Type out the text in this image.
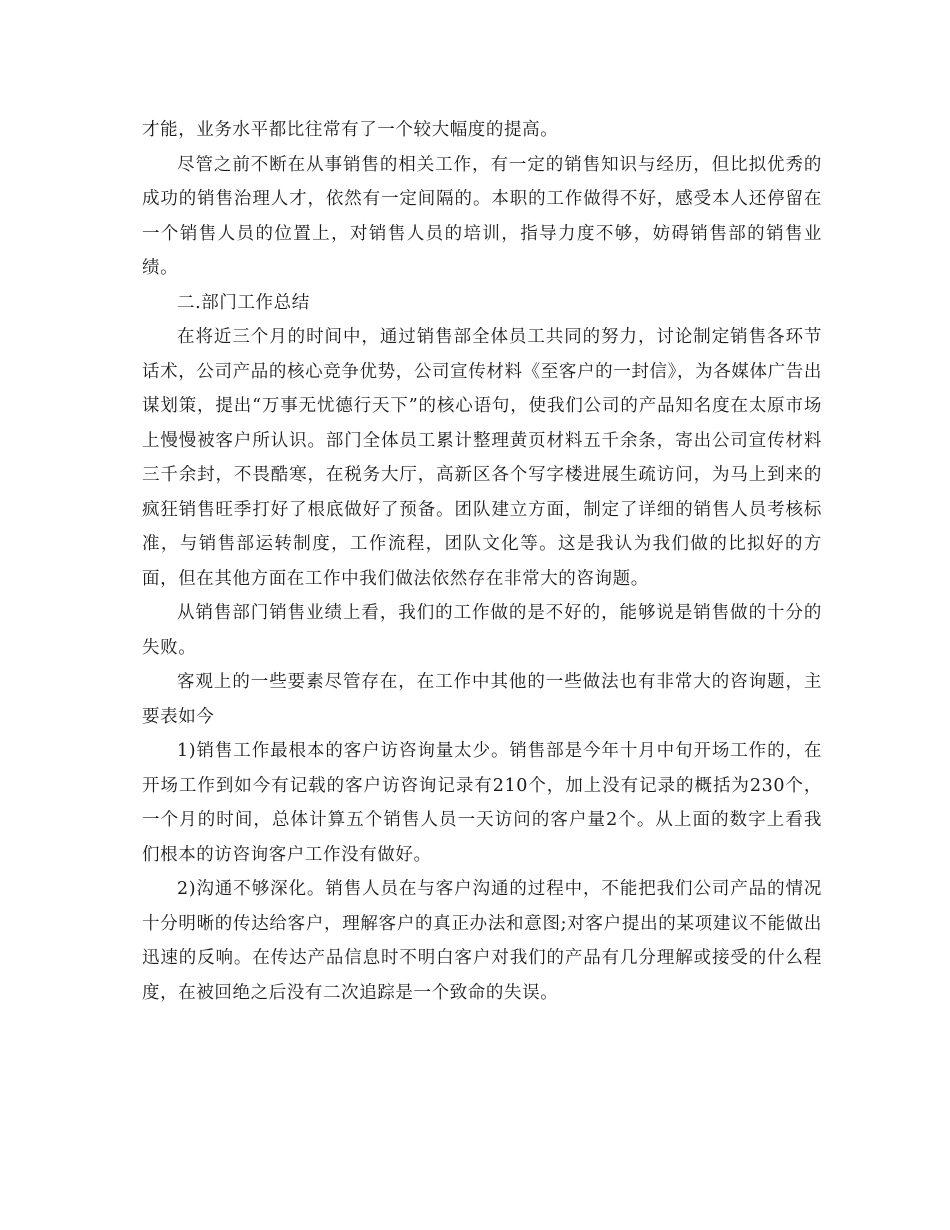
才能，业务水平都比往常有了一个较大幅度的提高。

尽管之前不断在从事销售的相关工作，有一定的销售知识与经历，但比拟优秀的成功的销售治理人才，依然有一定间隔的。本职的工作做得不好，感受本人还停留在一个销售人员的位置上，对销售人员的培训，指导力度不够，妨碍销售部的销售业绩。

二.部门工作总结

在将近三个月的时间中，通过销售部全体员工共同的努力，讨论制定销售各环节话术，公司产品的核心竞争优势，公司宣传材料《至客户的一封信》，为各媒体广告出谋划策，提出“万事无忧德行天下”的核心语句，使我们公司的产品知名度在太原市场上慢慢被客户所认识。部门全体员工累计整理黄页材料五千余条，寄出公司宣传材料三千余封，不畏酷寒，在税务大厅，高新区各个写字楼进展生疏访问，为马上到来的疯狂销售旺季打好了根底做好了预备。团队建立方面，制定了详细的销售人员考核标准，与销售部运转制度，工作流程，团队文化等。这是我认为我们做的比拟好的方面，但在其他方面在工作中我们做法依然存在非常大的咨询题。

从销售部门销售业绩上看，我们的工作做的是不好的，能够说是销售做的十分的失败。

客观上的一些要素尽管存在，在工作中其他的一些做法也有非常大的咨询题，主要表如今

1)销售工作最根本的客户访咨询量太少。销售部是今年十月中旬开场工作的，在开场工作到如今有记载的客户访咨询记录有210个，加上没有记录的概括为230个，一个月的时间，总体计算五个销售人员一天访问的客户量2个。从上面的数字上看我们根本的访咨询客户工作没有做好。

2)沟通不够深化。销售人员在与客户沟通的过程中，不能把我们公司产品的情况十分明晰的传达给客户，理解客户的真正办法和意图;对客户提出的某项建议不能做出迅速的反响。在传达产品信息时不明白客户对我们的产品有几分理解或接受的什么程度，在被回绝之后没有二次追踪是一个致命的失误。
